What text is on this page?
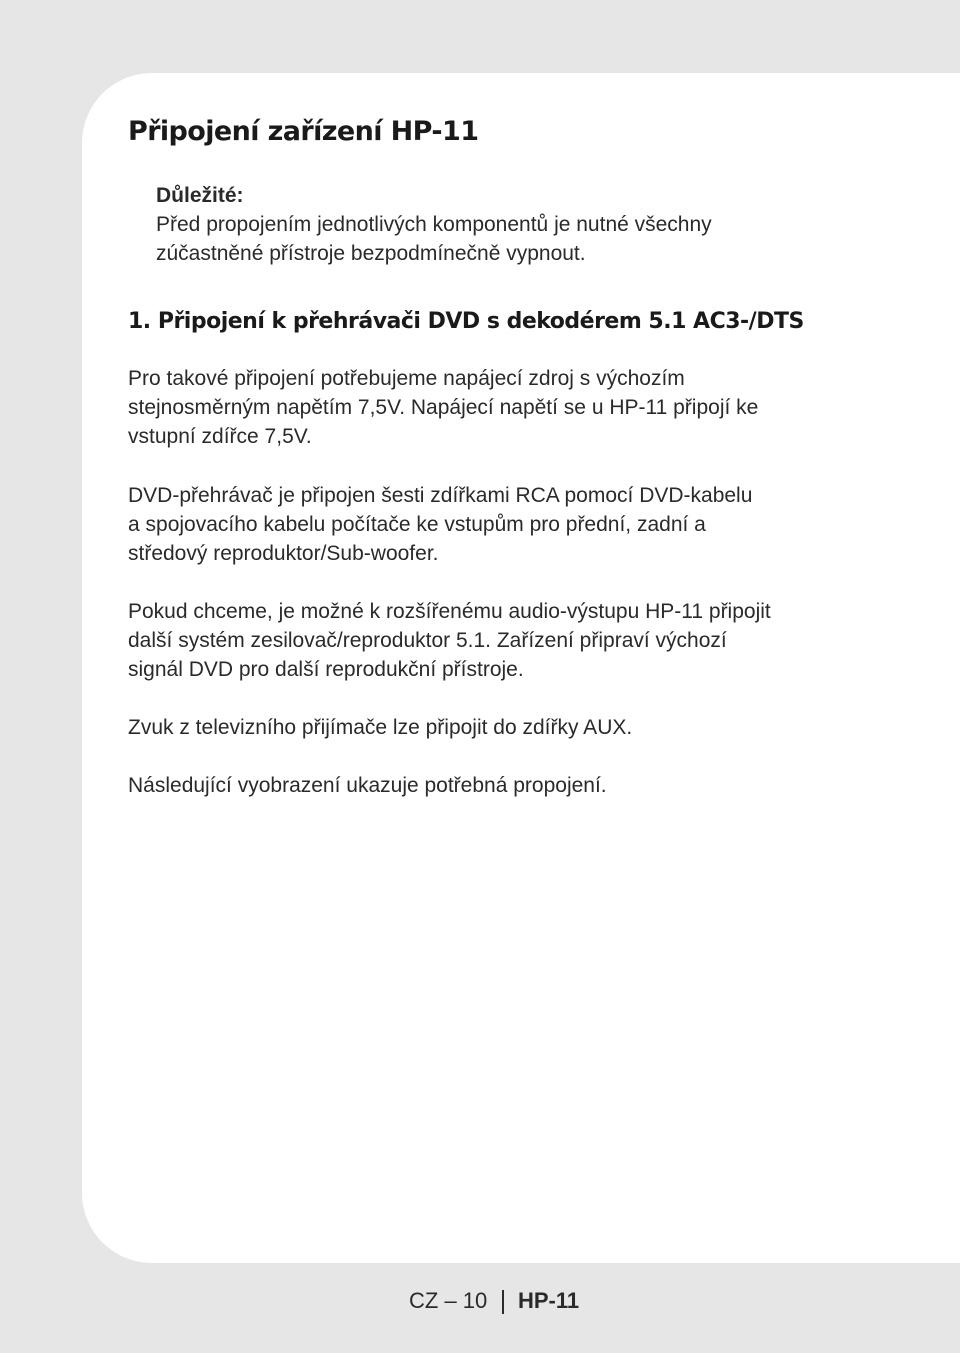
Připojení zařízení HP-11
Důležité:
Před propojením jednotlivých komponentů je nutné všechny
zúčastněné přístroje bezpodmínečně vypnout.
1. Připojení k přehrávači DVD s dekodérem 5.1 AC3-/DTS
Pro takové připojení potřebujeme napájecí zdroj s výchozím
stejnosměrným napětím 7,5V. Napájecí napětí se u HP-11 připojí ke
vstupní zdířce 7,5V.
DVD-přehrávač je připojen šesti zdířkami RCA pomocí DVD-kabelu
a spojovacího kabelu počítače ke vstupům pro přední, zadní a
středový reproduktor/Sub-woofer.
Pokud chceme, je možné k rozšířenému audio-výstupu HP-11 připojit
další systém zesilovač/reproduktor 5.1. Zařízení připraví výchozí
signál DVD pro další reprodukční přístroje.
Zvuk z televizního přijímače lze připojit do zdířky AUX.
Následující vyobrazení ukazuje potřebná propojení.
CZ – 10 HP-11
